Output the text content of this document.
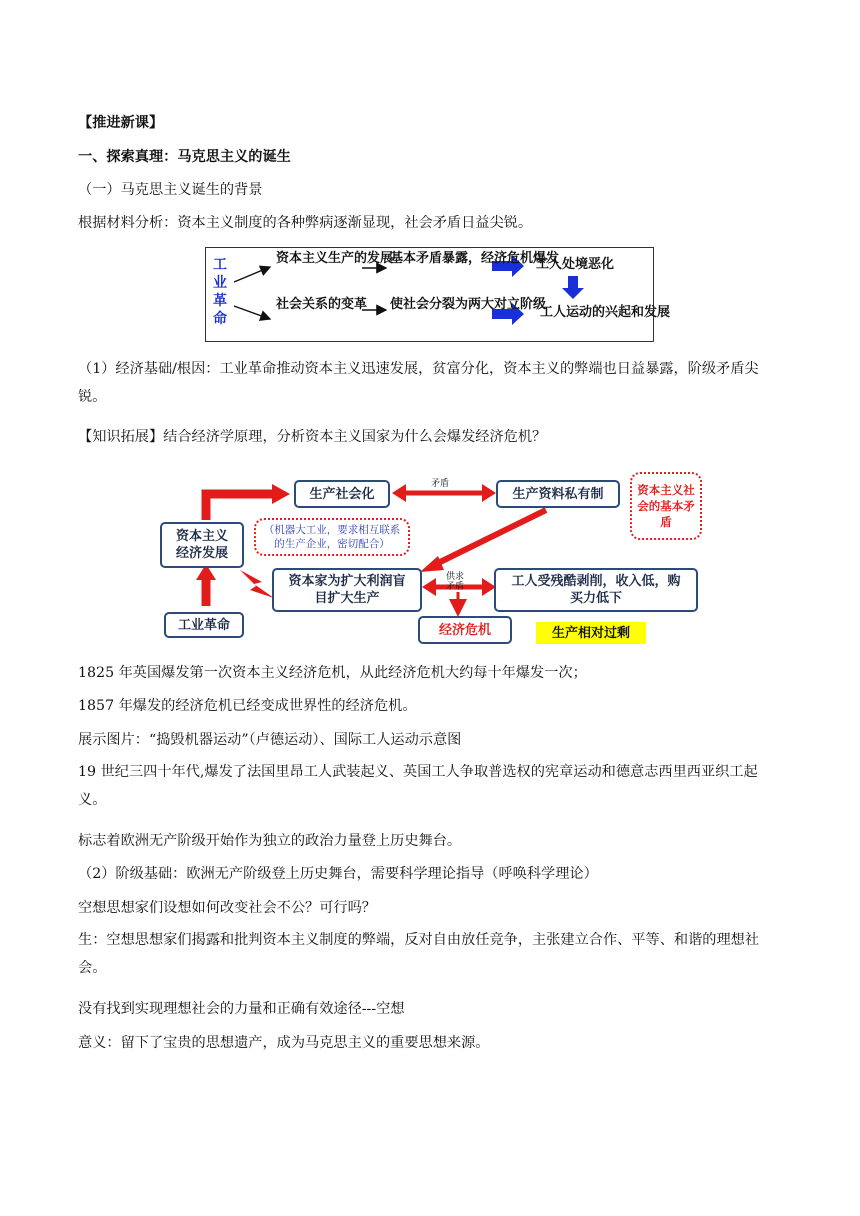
【推进新课】
一、探索真理：马克思主义的诞生
（一）马克思主义诞生的背景
根据材料分析：资本主义制度的各种弊病逐渐显现，社会矛盾日益尖锐。
工业革命
资本主义生产的发展
基本矛盾暴露，经济危机爆发
工人处境恶化
社会关系的变革 使社会分裂为两大对立阶级
工人运动的兴起和发展
（1）经济基础/根因：工业革命推动资本主义迅速发展，贫富分化，资本主义的弊端也日益暴露，阶级矛盾尖锐。
【知识拓展】结合经济学原理，分析资本主义国家为什么会爆发经济危机？
生产社会化
矛盾
生产资料私有制	资本主义社会的基本矛盾
资本主义经济发展
（机器大工业，要求相互联系的生产企业，密切配合）
资本家为扩大利润盲目扩大生产
供求矛盾	工人受残酷剥削，收入低，购买力低下
工业革命	经济危机	生产相对过剩
1825 年英国爆发第一次资本主义经济危机，从此经济危机大约每十年爆发一次；
1857 年爆发的经济危机已经变成世界性的经济危机。
展示图片：“捣毁机器运动”（卢德运动）、国际工人运动示意图
19 世纪三四十年代,爆发了法国里昂工人武装起义、英国工人争取普选权的宪章运动和德意志西里西亚织工起义。
标志着欧洲无产阶级开始作为独立的政治力量登上历史舞台。
（2）阶级基础：欧洲无产阶级登上历史舞台，需要科学理论指导（呼唤科学理论）
空想思想家们设想如何改变社会不公？可行吗？
生：空想思想家们揭露和批判资本主义制度的弊端，反对自由放任竞争，主张建立合作、平等、和谐的理想社会。
没有找到实现理想社会的力量和正确有效途径---空想
意义：留下了宝贵的思想遗产，成为马克思主义的重要思想来源。
